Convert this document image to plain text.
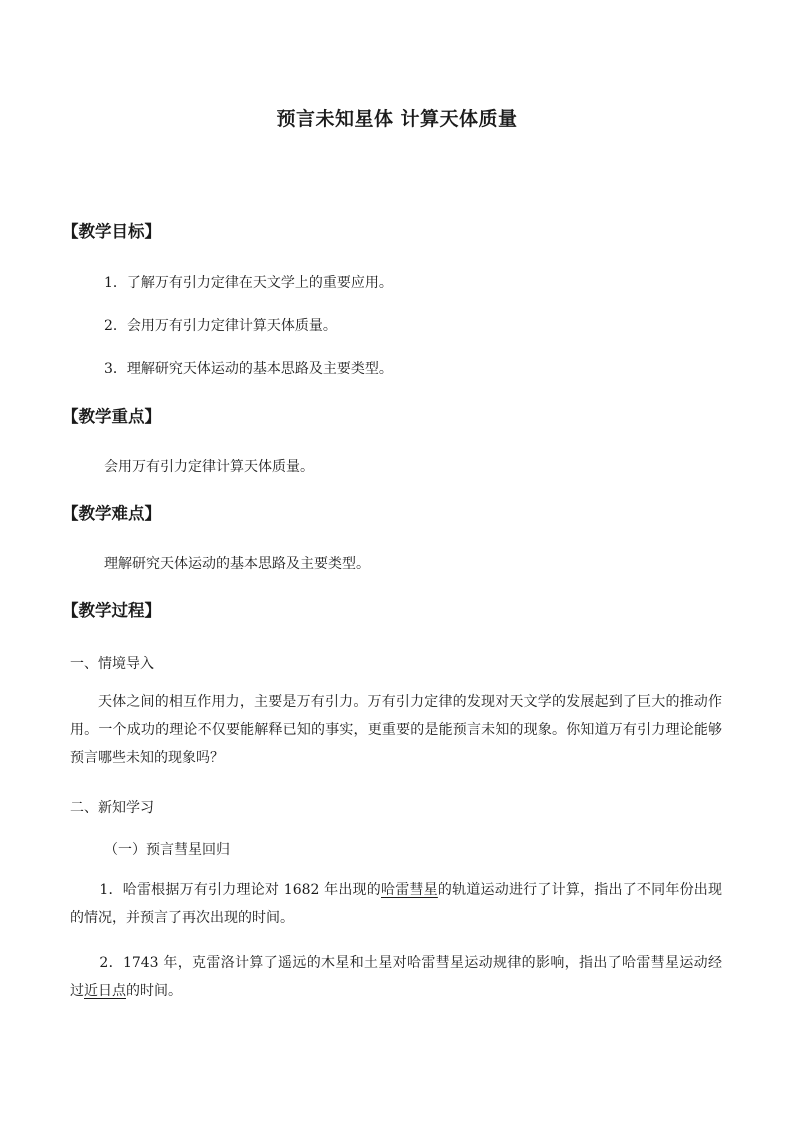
预言未知星体 计算天体质量
【教学目标】
1．了解万有引力定律在天文学上的重要应用。
2．会用万有引力定律计算天体质量。
3．理解研究天体运动的基本思路及主要类型。
【教学重点】
会用万有引力定律计算天体质量。
【教学难点】
理解研究天体运动的基本思路及主要类型。
【教学过程】
一、情境导入

天体之间的相互作用力，主要是万有引力。万有引力定律的发现对天文学的发展起到了巨大的推动作用。一个成功的理论不仅要能解释已知的事实，更重要的是能预言未知的现象。你知道万有引力理论能够预言哪些未知的现象吗？

二、新知学习
（一）预言彗星回归

1．哈雷根据万有引力理论对 1682 年出现的哈雷彗星的轨道运动进行了计算，指出了不同年份出现的情况，并预言了再次出现的时间。

2．1743 年，克雷洛计算了遥远的木星和土星对哈雷彗星运动规律的影响，指出了哈雷彗星运动经过近日点的时间。
